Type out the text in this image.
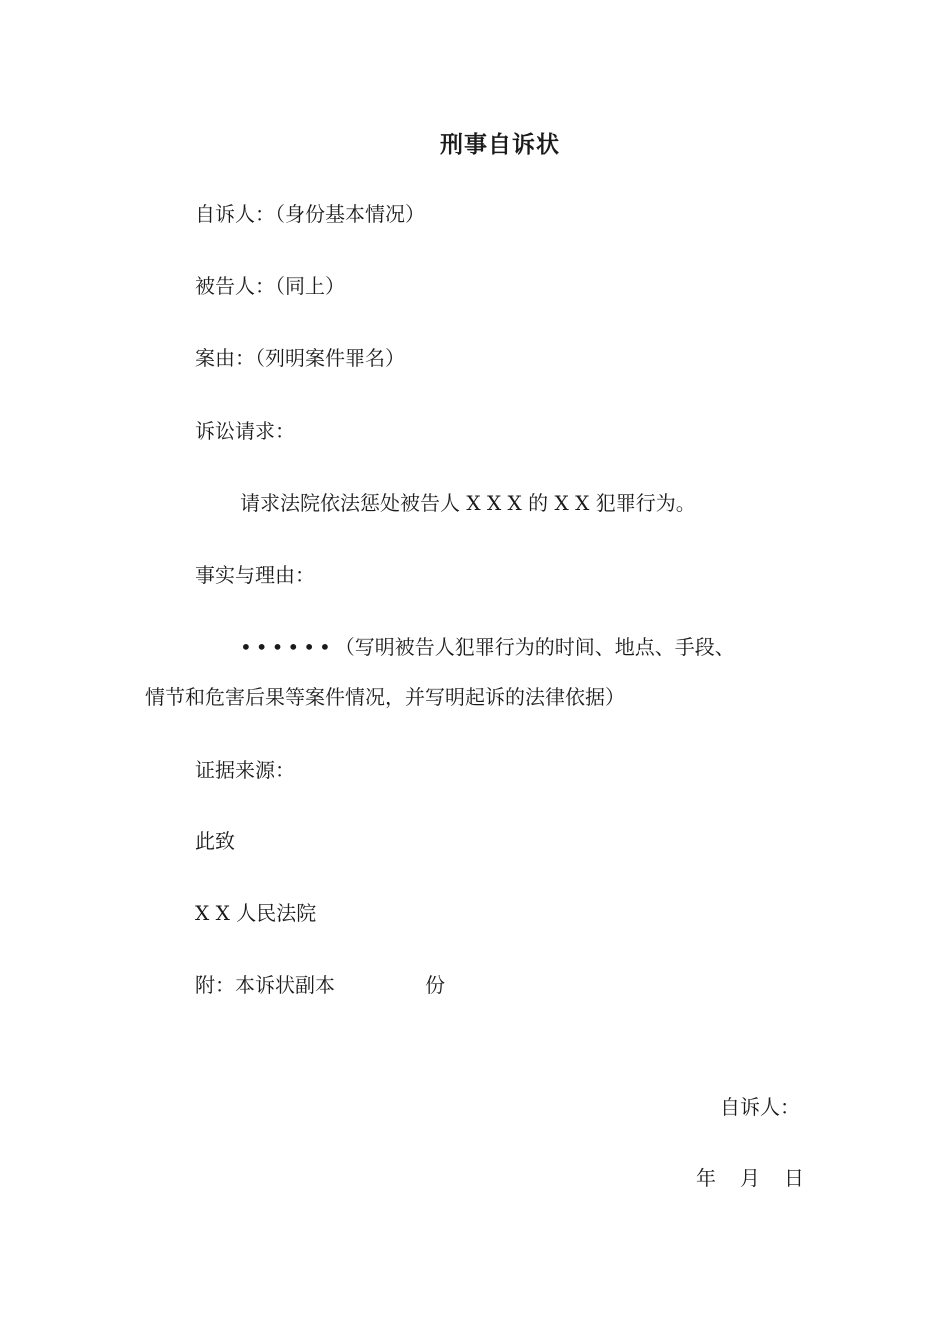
刑事自诉状

自诉人：（身份基本情况）

被告人：（同上）

案由：（列明案件罪名）

诉讼请求：

请求法院依法惩处被告人 X X X 的 X X 犯罪行为。

事实与理由：

••••••（写明被告人犯罪行为的时间、地点、手段、

情节和危害后果等案件情况，并写明起诉的法律依据）

证据来源：

此致

X X 人民法院

附：本诉状副本	份

自诉人：
年 月 日
